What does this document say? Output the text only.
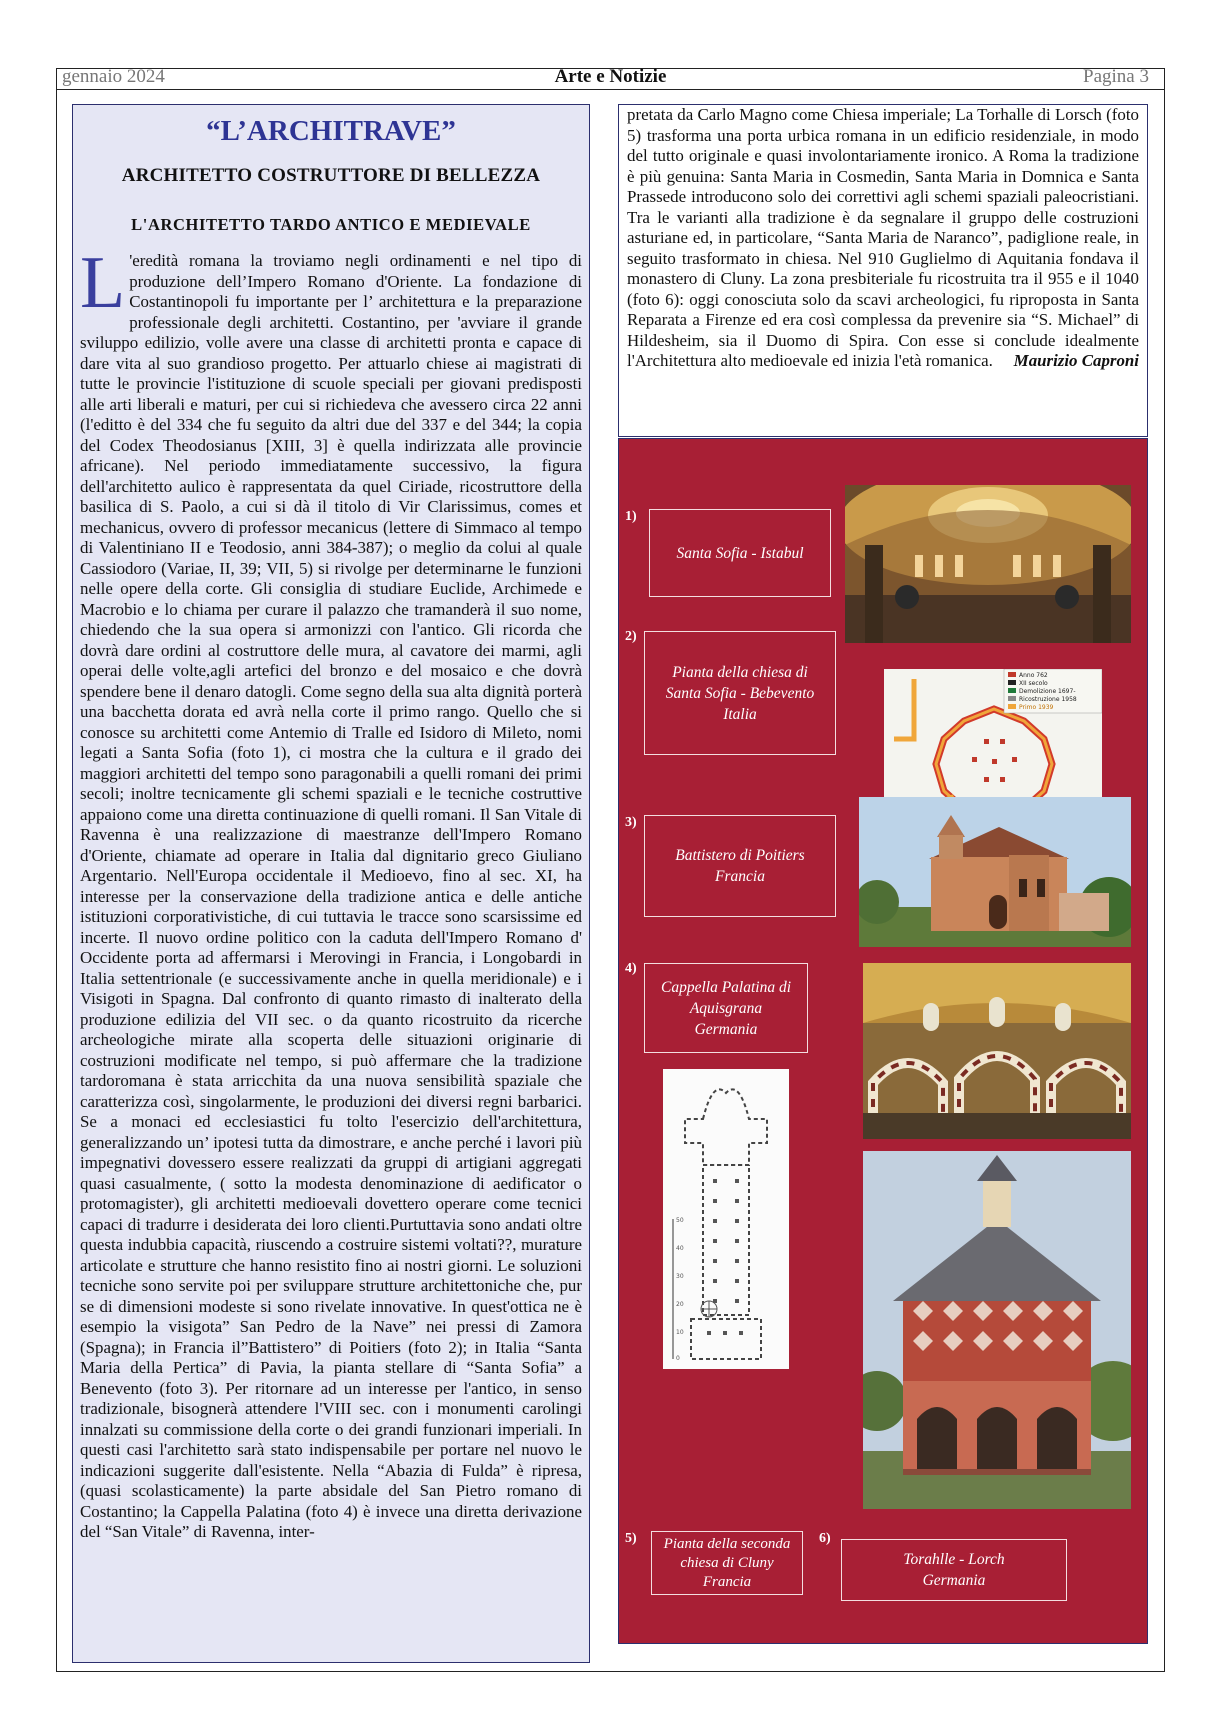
gennaio 2024	Arte e Notizie	Pagina 3
“L’ARCHITRAVE”
ARCHITETTO COSTRUTTORE DI BELLEZZA
L'ARCHITETTO TARDO ANTICO E MEDIEVALE
L 'eredità romana la troviamo negli ordinamenti e nel tipo di produzione dell’Impero Romano d'Oriente. La fondazione di Costantinopoli fu importante per l’ architettura e la preparazione professionale degli architetti. Costantino, per 'avviare il grande sviluppo edilizio, volle avere una classe di architetti pronta e capace di dare vita al suo grandioso progetto. Per attuarlo chiese ai magistrati di tutte le provincie l'istituzione di scuole speciali per giovani predisposti alle arti liberali e maturi, per cui si richiedeva che avessero circa 22 anni (l'editto è del 334 che fu seguito da altri due del 337 e del 344; la copia del Codex Theodosianus [XIII, 3] è quella indirizzata alle provincie africane). Nel periodo immediatamente successivo, la figura dell'architetto aulico è rappresentata da quel Ciriade, ricostruttore della basilica di S. Paolo, a cui si dà il titolo di Vir Clarissimus, comes et mechanicus, ovvero di professor mecanicus (lettere di Simmaco al tempo di Valentiniano II e Teodosio, anni 384-387); o meglio da colui al quale Cassiodoro (Variae, II, 39; VII, 5) si rivolge per determinarne le funzioni nelle opere della corte. Gli consiglia di studiare Euclide, Archimede e Macrobio e lo chiama per curare il palazzo che tramanderà il suo nome, chiedendo che la sua opera si armonizzi con l'antico. Gli ricorda che dovrà dare ordini al costruttore delle mura, al cavatore dei marmi, agli operai delle volte,agli artefici del bronzo e del mosaico e che dovrà spendere bene il denaro datogli. Come segno della sua alta dignità porterà una bacchetta dorata ed avrà nella corte il primo rango. Quello che si conosce su architetti come Antemio di Tralle ed Isidoro di Mileto, nomi legati a Santa Sofia (foto 1), ci mostra che la cultura e il grado dei maggiori architetti del tempo sono paragonabili a quelli romani dei primi secoli; inoltre tecnicamente gli schemi spaziali e le tecniche costruttive appaiono come una diretta continuazione di quelli romani. Il San Vitale di Ravenna è una realizzazione di maestranze dell'Impero Romano d'Oriente, chiamate ad operare in Italia dal dignitario greco Giuliano Argentario. Nell'Europa occidentale il Medioevo, fino al sec. XI, ha interesse per la conservazione della tradizione antica e delle antiche istituzioni corporativistiche, di cui tuttavia le tracce sono scarsissime ed incerte. Il nuovo ordine politico con la caduta dell'Impero Romano d' Occidente porta ad affermarsi i Merovingi in Francia, i Longobardi in Italia settentrionale (e successivamente anche in quella meridionale) e i Visigoti in Spagna. Dal confronto di quanto rimasto di inalterato della produzione edilizia del VII sec. o da quanto ricostruito da ricerche archeologiche mirate alla scoperta delle situazioni originarie di costruzioni modificate nel tempo, si può affermare che la tradizione tardoromana è stata arricchita da una nuova sensibilità spaziale che caratterizza così, singolarmente, le produzioni dei diversi regni barbarici. Se a monaci ed ecclesiastici fu tolto l'esercizio dell'architettura, generalizzando un’ ipotesi tutta da dimostrare, e anche perché i lavori più impegnativi dovessero essere realizzati da gruppi di artigiani aggregati quasi casualmente, ( sotto la modesta denominazione di aedificator o protomagister), gli architetti medioevali dovettero operare come tecnici capaci di tradurre i desiderata dei loro clienti.Purtuttavia sono andati oltre questa indubbia capacità, riuscendo a costruire sistemi voltati??, murature articolate e strutture che hanno resistito fino ai nostri giorni. Le soluzioni tecniche sono servite poi per sviluppare strutture architettoniche che, pur se di dimensioni modeste si sono rivelate innovative. In quest'ottica ne è esempio la visigota” San Pedro de la Nave” nei pressi di Zamora (Spagna); in Francia il”Battistero” di Poitiers (foto 2); in Italia “Santa Maria della Pertica” di Pavia, la pianta stellare di “Santa Sofia” a Benevento (foto 3). Per ritornare ad un interesse per l'antico, in senso tradizionale, bisognerà attendere l'VIII sec. con i monumenti carolingi innalzati su commissione della corte o dei grandi funzionari imperiali. In questi casi l'architetto sarà stato indispensabile per portare nel nuovo le indicazioni suggerite dall'esistente. Nella “Abazia di Fulda” è ripresa, (quasi scolasticamente) la parte absidale del San Pietro romano di Costantino; la Cappella Palatina (foto 4) è invece una diretta derivazione del “San Vitale” di Ravenna, inter-
pretata da Carlo Magno come Chiesa imperiale; La Torhalle di Lorsch (foto 5) trasforma una porta urbica romana in un edificio residenziale, in modo del tutto originale e quasi involontariamente ironico. A Roma la tradizione è più genuina: Santa Maria in Cosmedin, Santa Maria in Domnica e Santa Prassede introducono solo dei correttivi agli schemi spaziali paleocristiani. Tra le varianti alla tradizione è da segnalare il gruppo delle costruzioni asturiane ed, in particolare, “Santa Maria de Naranco”, padiglione reale, in seguito trasformato in chiesa. Nel 910 Guglielmo di Aquitania fondava il monastero di Cluny. La zona presbiteriale fu ricostruita tra il 955 e il 1040 (foto 6): oggi conosciuta solo da scavi archeologici, fu riproposta in Santa Reparata a Firenze ed era così complessa da prevenire sia “S. Michael” di Hildesheim, sia il Duomo di Spira. Con esse si conclude idealmente l'Architettura alto medioevale ed inizia l'età romanica. Maurizio Caproni
1)
Santa Sofia - Istabul
2)
Pianta della chiesa di
Santa Sofia - Bebevento
Italia
Anno 762
XII secolo
Demolizione 1697-
Ricostruzione 1958
Primo 1939
3)
Battistero di Poitiers
Francia
4)
Cappella Palatina di
Aquisgrana
Germania
50
40
30
20
10
0
5) Pianta della seconda
chiesa di Cluny
Francia
6)
Torahlle - Lorch
Germania
